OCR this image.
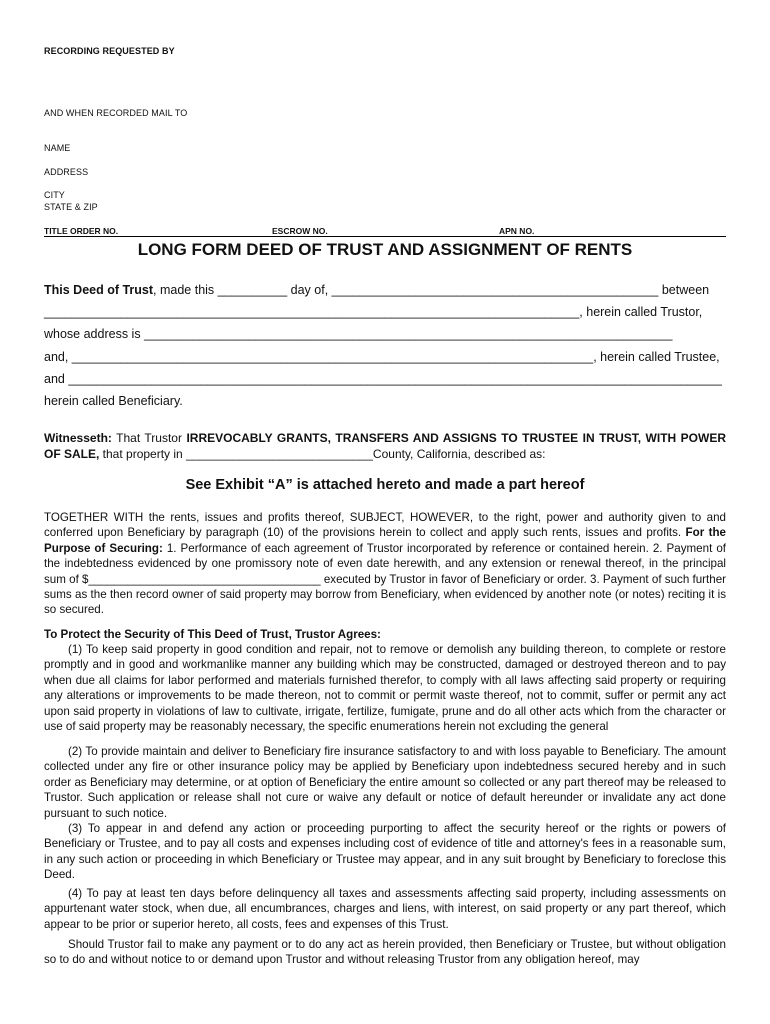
RECORDING REQUESTED BY
AND WHEN RECORDED MAIL TO
NAME
ADDRESS
CITY
STATE & ZIP
TITLE ORDER NO.	ESCROW NO.	APN NO.
LONG FORM DEED OF TRUST AND ASSIGNMENT OF RENTS
This Deed of Trust, made this __________ day of, _______________________________________________ between
_____________________________________________________________________________, herein called Trustor,
whose address is ____________________________________________________________________________
and, ___________________________________________________________________________, herein called Trustee,
and ______________________________________________________________________________________________
herein called Beneficiary.
Witnesseth: That Trustor IRREVOCABLY GRANTS, TRANSFERS AND ASSIGNS TO TRUSTEE IN TRUST, WITH POWER OF SALE, that property in ____________________________County, California, described as:
See Exhibit “A” is attached hereto and made a part hereof
TOGETHER WITH the rents, issues and profits thereof, SUBJECT, HOWEVER, to the right, power and authority given to and conferred upon Beneficiary by paragraph (10) of the provisions herein to collect and apply such rents, issues and profits. For the Purpose of Securing: 1. Performance of each agreement of Trustor incorporated by reference or contained herein. 2. Payment of the indebtedness evidenced by one promissory note of even date herewith, and any extension or renewal thereof, in the principal sum of $____________________________________ executed by Trustor in favor of Beneficiary or order. 3. Payment of such further sums as the then record owner of said property may borrow from Beneficiary, when evidenced by another note (or notes) reciting it is so secured.
To Protect the Security of This Deed of Trust, Trustor Agrees:
(1) To keep said property in good condition and repair, not to remove or demolish any building thereon, to complete or restore promptly and in good and workmanlike manner any building which may be constructed, damaged or destroyed thereon and to pay when due all claims for labor performed and materials furnished therefor, to comply with all laws affecting said property or requiring any alterations or improvements to be made thereon, not to commit or permit waste thereof, not to commit, suffer or permit any act upon said property in violations of law to cultivate, irrigate, fertilize, fumigate, prune and do all other acts which from the character or use of said property may be reasonably necessary, the specific enumerations herein not excluding the general
(2) To provide maintain and deliver to Beneficiary fire insurance satisfactory to and with loss payable to Beneficiary. The amount collected under any fire or other insurance policy may be applied by Beneficiary upon indebtedness secured hereby and in such order as Beneficiary may determine, or at option of Beneficiary the entire amount so collected or any part thereof may be released to Trustor. Such application or release shall not cure or waive any default or notice of default hereunder or invalidate any act done pursuant to such notice.
(3) To appear in and defend any action or proceeding purporting to affect the security hereof or the rights or powers of Beneficiary or Trustee, and to pay all costs and expenses including cost of evidence of title and attorney's fees in a reasonable sum, in any such action or proceeding in which Beneficiary or Trustee may appear, and in any suit brought by Beneficiary to foreclose this Deed.
(4) To pay at least ten days before delinquency all taxes and assessments affecting said property, including assessments on appurtenant water stock, when due, all encumbrances, charges and liens, with interest, on said property or any part thereof, which appear to be prior or superior hereto, all costs, fees and expenses of this Trust.
Should Trustor fail to make any payment or to do any act as herein provided, then Beneficiary or Trustee, but without obligation so to do and without notice to or demand upon Trustor and without releasing Trustor from any obligation hereof, may
